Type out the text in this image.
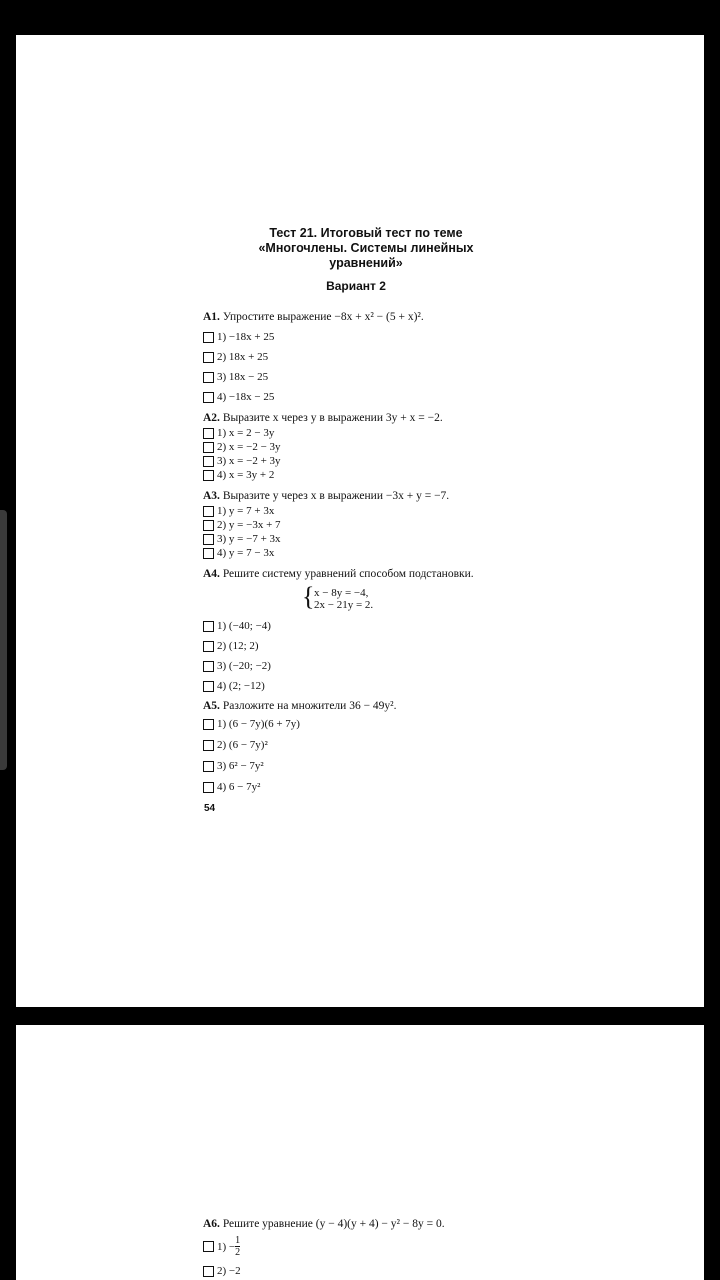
Тест 21. Итоговый тест по теме
«Многочлены. Системы линейных
уравнений»
Вариант 2
A1. Упростите выражение −8x + x² − (5 + x)².
1) −18x + 25
2) 18x + 25
3) 18x − 25
4) −18x − 25
A2. Выразите x через y в выражении 3y + x = −2.
1) x = 2 − 3y
2) x = −2 − 3y
3) x = −2 + 3y
4) x = 3y + 2
A3. Выразите y через x в выражении −3x + y = −7.
1) y = 7 + 3x
2) y = −3x + 7
3) y = −7 + 3x
4) y = 7 − 3x
A4. Решите систему уравнений способом подстановки.
{ x − 8y = −4,
2x − 21y = 2.
1) (−40; −4)
2) (12; 2)
3) (−20; −2)
4) (2; −12)
A5. Разложите на множители 36 − 49y².
1) (6 − 7y)(6 + 7y)
2) (6 − 7y)²
3) 6² − 7y²
4) 6 − 7y²
54
A6. Решите уравнение (y − 4)(y + 4) − y² − 8y = 0.
$1) - \frac{1}{2}$
2) −2
